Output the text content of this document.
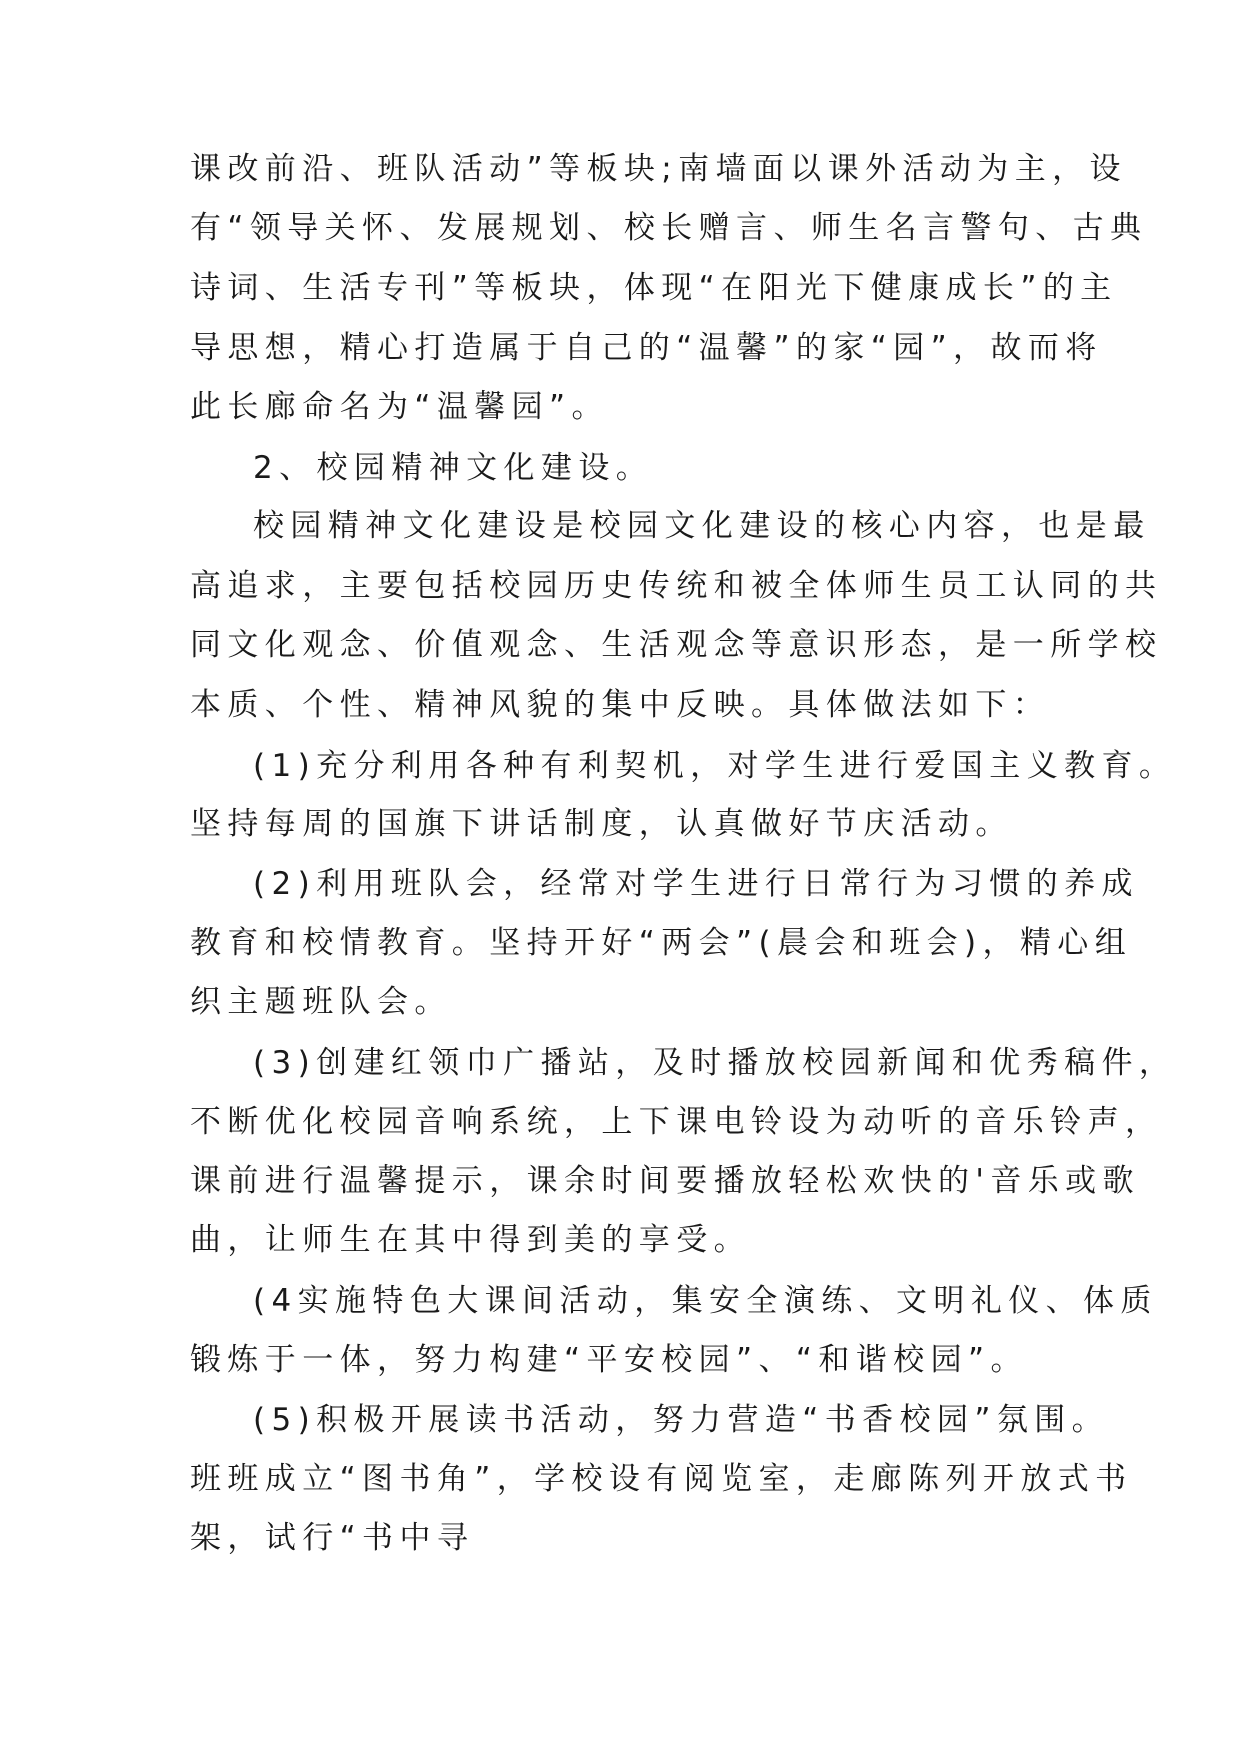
课改前沿、班队活动”等板块;南墙面以课外活动为主，设
有“领导关怀、发展规划、校长赠言、师生名言警句、古典
诗词、生活专刊”等板块，体现“在阳光下健康成长”的主
导思想，精心打造属于自己的“温馨”的家“园”，故而将
此长廊命名为“温馨园”。
2、校园精神文化建设。
校园精神文化建设是校园文化建设的核心内容，也是最
高追求，主要包括校园历史传统和被全体师生员工认同的共
同文化观念、价值观念、生活观念等意识形态，是一所学校
本质、个性、精神风貌的集中反映。具体做法如下：
(1)充分利用各种有利契机，对学生进行爱国主义教育。
坚持每周的国旗下讲话制度，认真做好节庆活动。
(2)利用班队会，经常对学生进行日常行为习惯的养成
教育和校情教育。坚持开好“两会”(晨会和班会)，精心组
织主题班队会。
(3)创建红领巾广播站，及时播放校园新闻和优秀稿件，
不断优化校园音响系统，上下课电铃设为动听的音乐铃声，
课前进行温馨提示，课余时间要播放轻松欢快的'音乐或歌
曲，让师生在其中得到美的享受。
(4实施特色大课间活动，集安全演练、文明礼仪、体质
锻炼于一体，努力构建“平安校园”、“和谐校园”。
(5)积极开展读书活动，努力营造“书香校园”氛围。
班班成立“图书角”，学校设有阅览室，走廊陈列开放式书
架，试行“书中寻
